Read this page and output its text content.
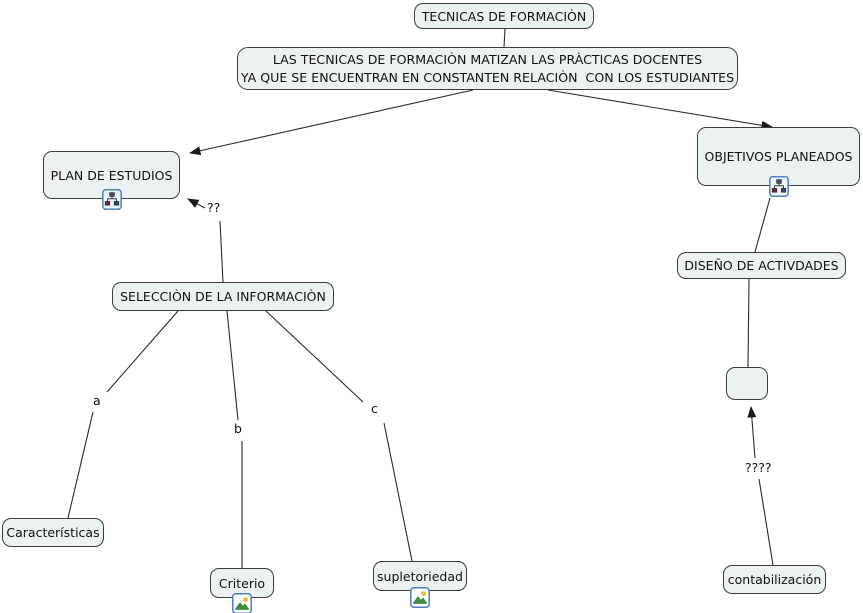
TECNICAS DE FORMACIÒN
LAS TECNICAS DE FORMACIÒN MATIZAN LAS PRÀCTICAS DOCENTES
YA QUE SE ENCUENTRAN EN CONSTANTEN RELACIÒN  CON LOS ESTUDIANTES
PLAN DE ESTUDIOS
OBJETIVOS PLANEADOS
SELECCIÒN DE LA INFORMACIÒN
DISEÑO DE ACTIVDADES
Características
Criterio	supletoriedad	contabilización
a
b
c
??
????
